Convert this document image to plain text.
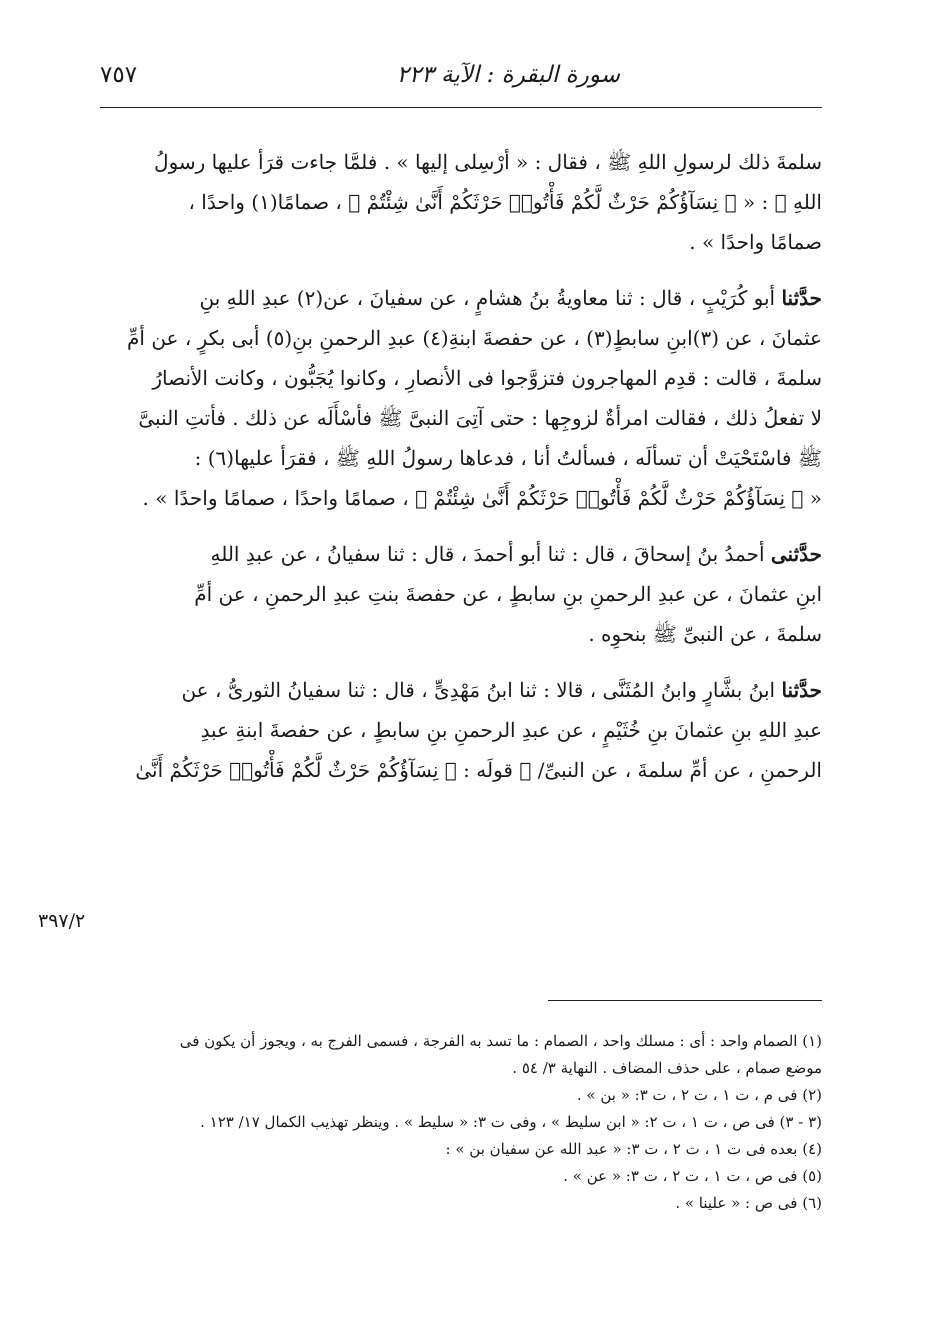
سورة البقرة : الآية ٢٢٣
٧٥٧
سلمةَ ذلك لرسولِ اللهِ ﷺ ، فقال : « أرْسِلى إليها » . فلمَّا جاءت قرَأ عليها رسولُ
اللهِ ﷺ : « ﴿ نِسَآؤُكُمْ حَرْثٌ لَّكُمْ فَأْتُوا۟ حَرْثَكُمْ أَنَّىٰ شِئْتُمْ ﴾ ، صمامًا(١) واحدًا ،
صمامًا واحدًا » .
حدَّثنا أبو كُرَيْبٍ ، قال : ثنا معاويةُ بنُ هشامٍ ، عن سفيانَ ، عن(٢) عبدِ اللهِ بنِ
عثمانَ ، عن (٣)ابنِ سابطٍ(٣) ، عن حفصةَ ابنةِ(٤) عبدِ الرحمنِ بنِ(٥) أبى بكرٍ ، عن أمِّ
سلمةَ ، قالت : قدِم المهاجرون فتزوَّجوا فى الأنصارِ ، وكانوا يُجَبُّون ، وكانت الأنصارُ
لا تفعلُ ذلك ، فقالت امرأةٌ لزوجِها : حتى آتِىَ النبىَّ ﷺ فأسْأَلَه عن ذلك . فأتتِ النبىَّ
ﷺ فاسْتَحْيَتْ أن تسألَه ، فسألتُ أنا ، فدعاها رسولُ اللهِ ﷺ ، فقرَأ عليها(٦) :
« ﴿ نِسَآؤُكُمْ حَرْثٌ لَّكُمْ فَأْتُوا۟ حَرْثَكُمْ أَنَّىٰ شِئْتُمْ ﴾ ، صمامًا واحدًا ، صمامًا واحدًا » .
حدَّثنى أحمدُ بنُ إسحاقَ ، قال : ثنا أبو أحمدَ ، قال : ثنا سفيانُ ، عن عبدِ اللهِ
ابنِ عثمانَ ، عن عبدِ الرحمنِ بنِ سابطٍ ، عن حفصةَ بنتِ عبدِ الرحمنِ ، عن أمِّ
سلمةَ ، عن النبىِّ ﷺ بنحوِه .
حدَّثنا ابنُ بشَّارٍ وابنُ المُثَنَّى ، قالا : ثنا ابنُ مَهْدِىٍّ ، قال : ثنا سفيانُ الثورىُّ ، عن
عبدِ اللهِ بنِ عثمانَ بنِ خُثَيْمٍ ، عن عبدِ الرحمنِ بنِ سابطٍ ، عن حفصةَ ابنةِ عبدِ
الرحمنِ ، عن أمِّ سلمةَ ، عن النبىِّ/ ﷺ قولَه : ﴿ نِسَآؤُكُمْ حَرْثٌ لَّكُمْ فَأْتُوا۟ حَرْثَكُمْ أَنَّىٰ
٣٩٧/٢
(١) الصمام واحد : أى : مسلك واحد ، الصمام : ما تسد به الفرجة ، فسمى الفرج به ، ويجوز أن يكون فى
موضع صمام ، على حذف المضاف . النهاية ٣/ ٥٤ .
(٢) فى م ، ت ١ ، ت ٢ ، ت ٣: « بن » .
(٣ - ٣) فى ص ، ت ١ ، ت ٢: « ابن سليط » ، وفى ت ٣: « سليط » . وينظر تهذيب الكمال ١٧/ ١٢٣ .
(٤) بعده فى ت ١ ، ت ٢ ، ت ٣: « عبد الله عن سفيان بن » :
(٥) فى ص ، ت ١ ، ت ٢ ، ت ٣: « عن » .
(٦) فى ص : « علينا » .
